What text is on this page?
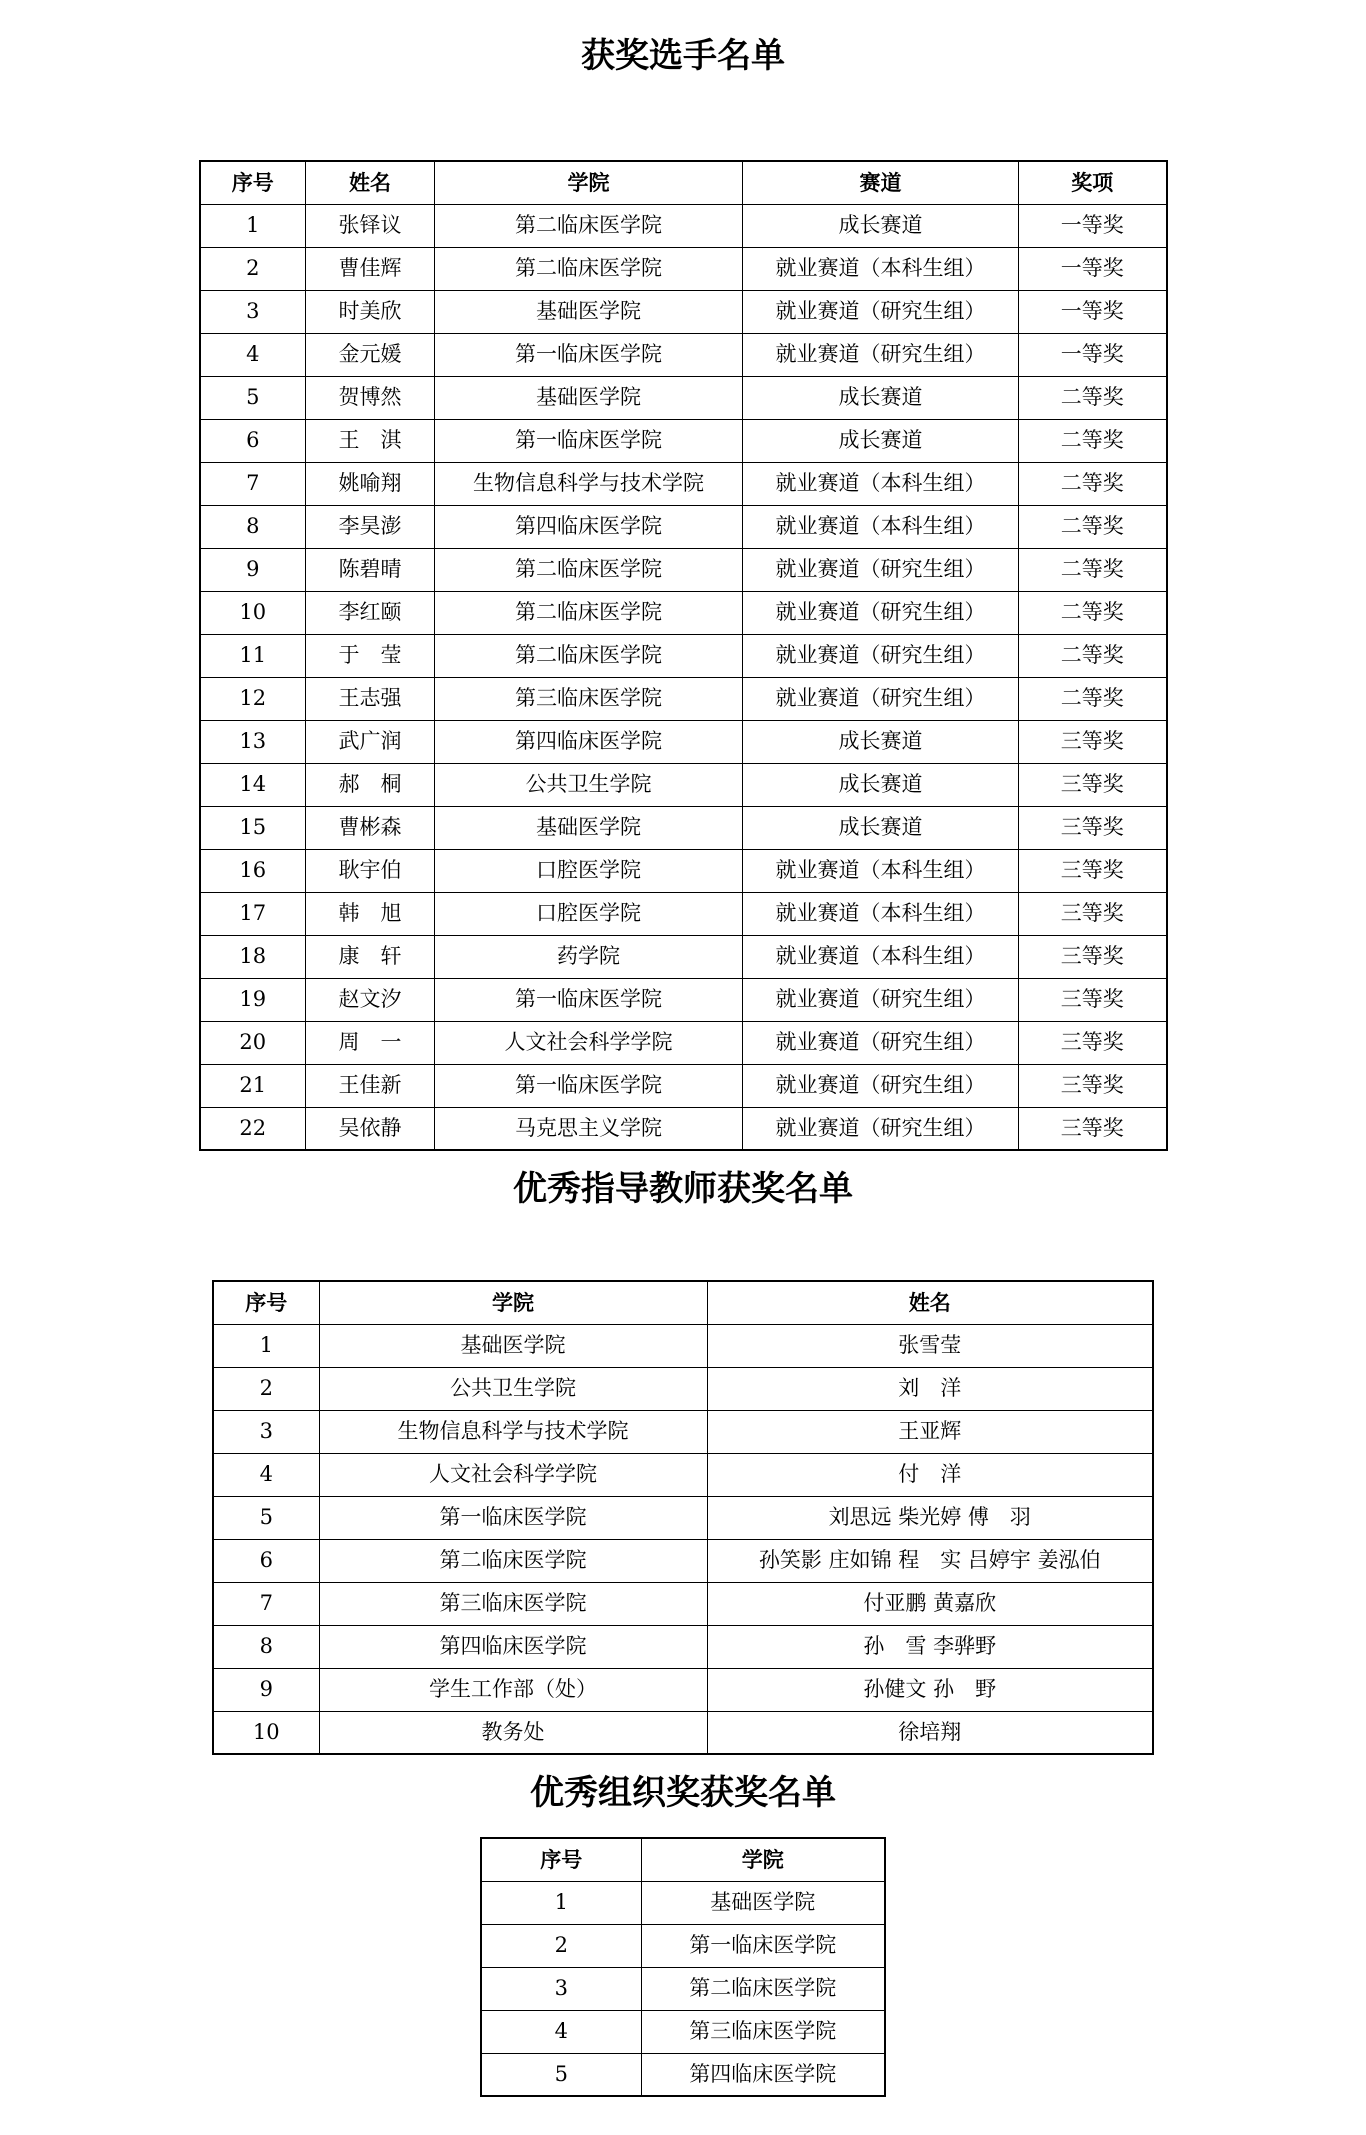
获奖选手名单
序号	姓名	学院	赛道	奖项
1	张铎议	第二临床医学院	成长赛道	一等奖
2	曹佳辉	第二临床医学院	就业赛道（本科生组）	一等奖
3	时美欣	基础医学院	就业赛道（研究生组）	一等奖
4	金元媛	第一临床医学院	就业赛道（研究生组）	一等奖
5	贺博然	基础医学院	成长赛道	二等奖
6	王　淇	第一临床医学院	成长赛道	二等奖
7	姚喻翔	生物信息科学与技术学院	就业赛道（本科生组）	二等奖
8	李昊澎	第四临床医学院	就业赛道（本科生组）	二等奖
9	陈碧晴	第二临床医学院	就业赛道（研究生组）	二等奖
10	李红颐	第二临床医学院	就业赛道（研究生组）	二等奖
11	于　莹	第二临床医学院	就业赛道（研究生组）	二等奖
12	王志强	第三临床医学院	就业赛道（研究生组）	二等奖
13	武广润	第四临床医学院	成长赛道	三等奖
14	郝　桐	公共卫生学院	成长赛道	三等奖
15	曹彬森	基础医学院	成长赛道	三等奖
16	耿宇伯	口腔医学院	就业赛道（本科生组）	三等奖
17	韩　旭	口腔医学院	就业赛道（本科生组）	三等奖
18	康　轩	药学院	就业赛道（本科生组）	三等奖
19	赵文汐	第一临床医学院	就业赛道（研究生组）	三等奖
20	周　一	人文社会科学学院	就业赛道（研究生组）	三等奖
21	王佳新	第一临床医学院	就业赛道（研究生组）	三等奖
22	吴依静	马克思主义学院	就业赛道（研究生组）	三等奖
优秀指导教师获奖名单
序号	学院	姓名
1	基础医学院	张雪莹
2	公共卫生学院	刘　洋
3	生物信息科学与技术学院	王亚辉
4	人文社会科学学院	付　洋
5	第一临床医学院	刘思远 柴光婷 傅　羽
6	第二临床医学院	孙笑影 庄如锦 程　实 吕婷宇 姜泓伯
7	第三临床医学院	付亚鹏 黄嘉欣
8	第四临床医学院	孙　雪 李骅野
9	学生工作部（处）	孙健文 孙　野
10	教务处	徐培翔
优秀组织奖获奖名单
序号	学院
1	基础医学院
2	第一临床医学院
3	第二临床医学院
4	第三临床医学院
5	第四临床医学院
